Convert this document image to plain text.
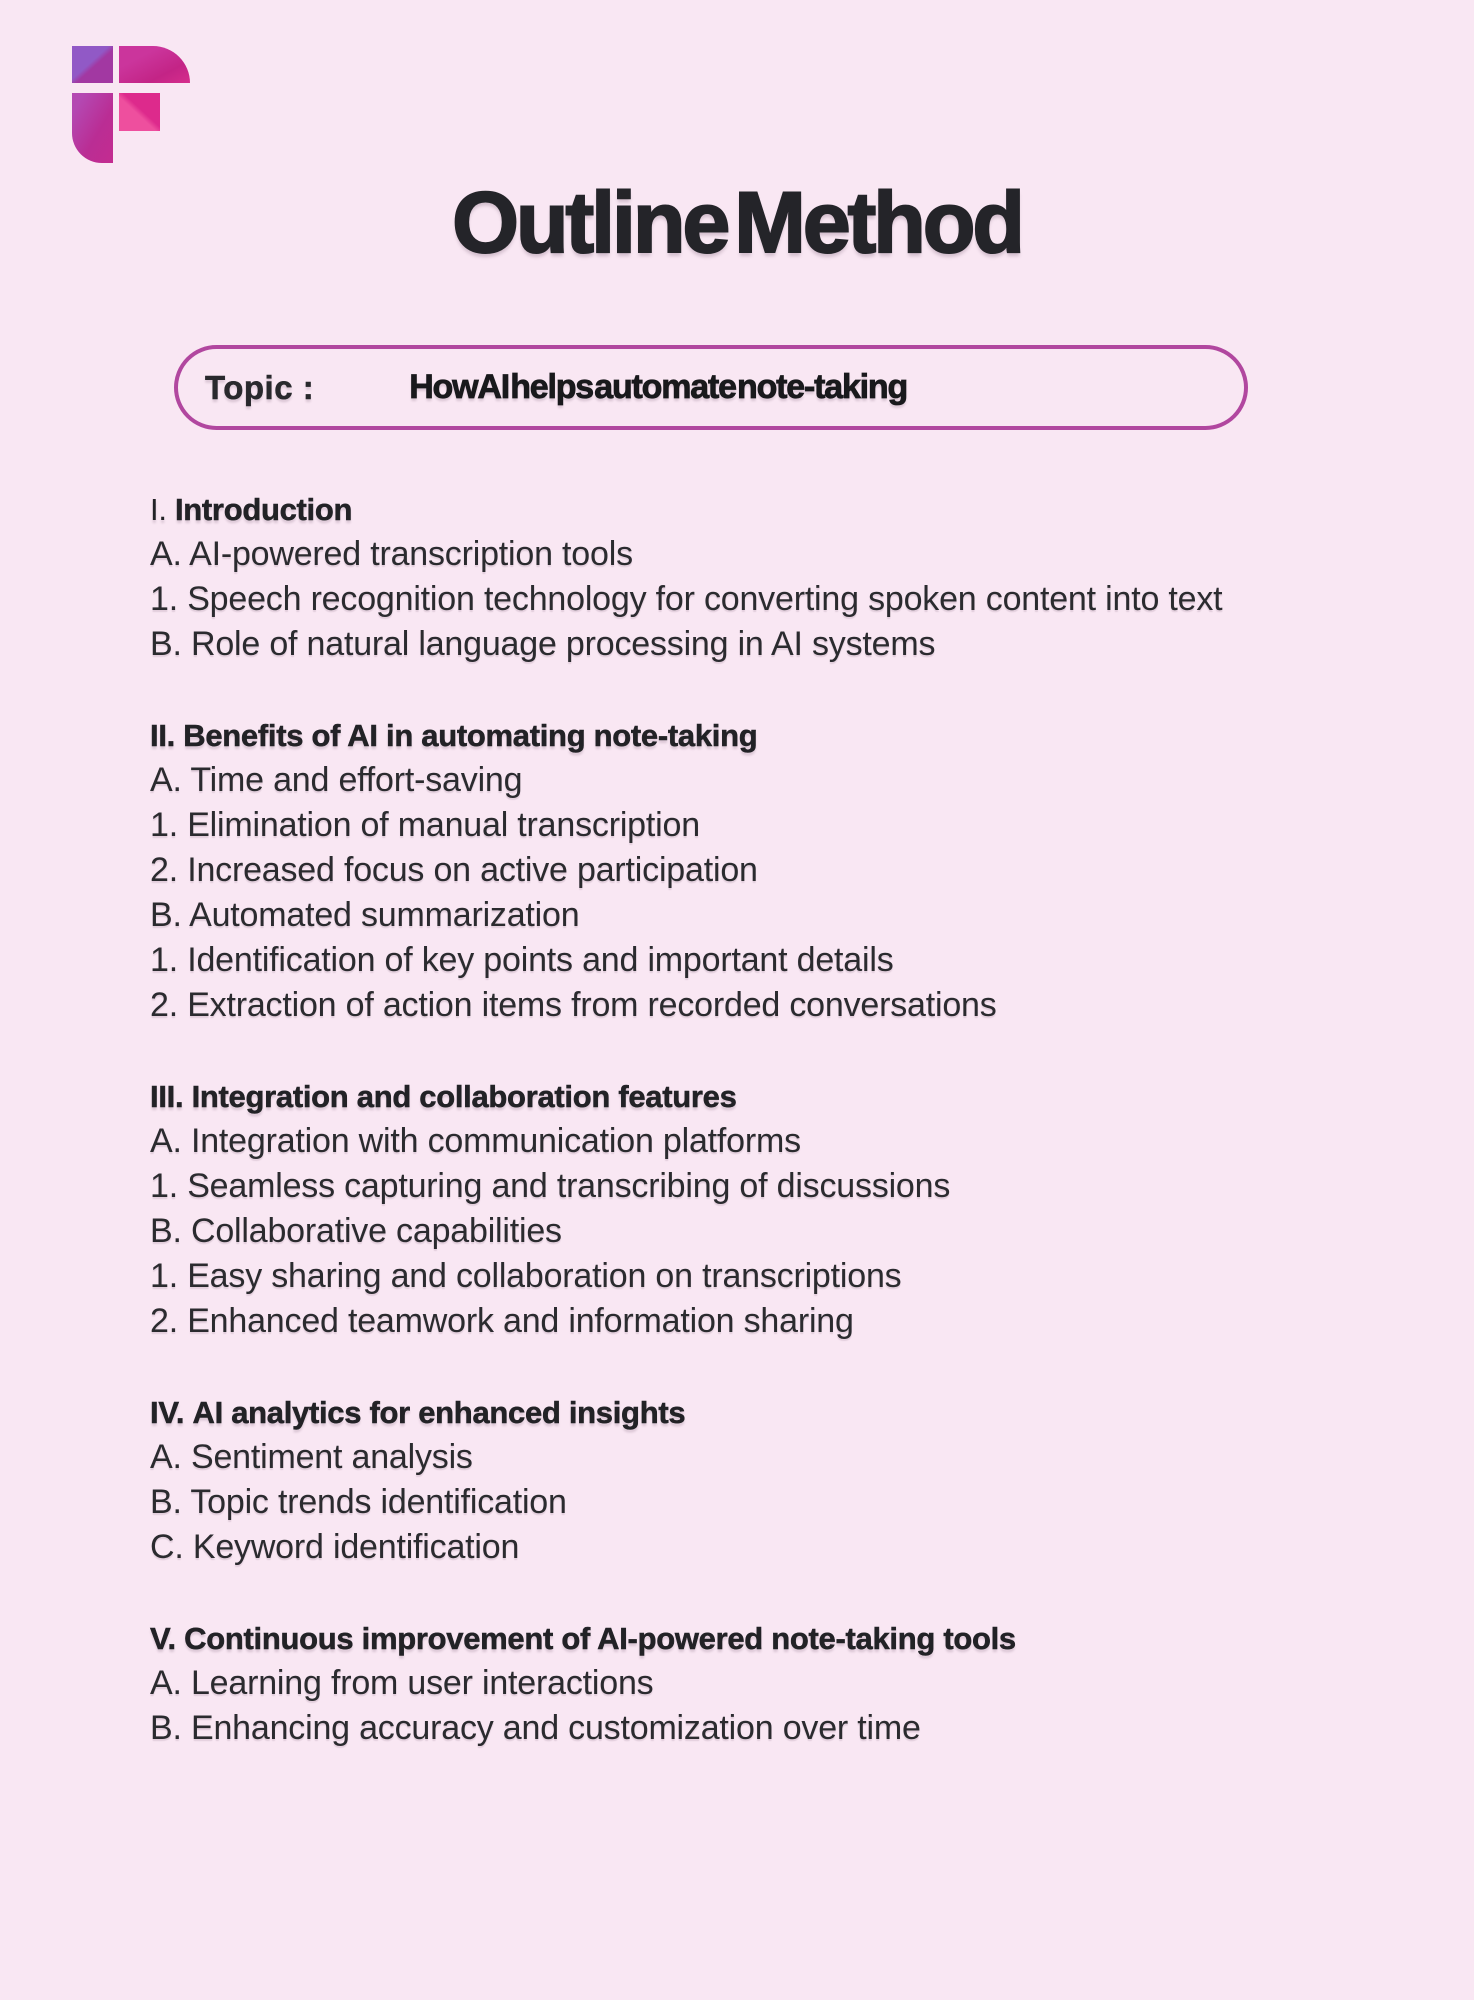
Outline Method
Topic :	How AI helps automate note-taking
I. Introduction
A. AI-powered transcription tools
1. Speech recognition technology for converting spoken content into text
B. Role of natural language processing in AI systems
II. Benefits of AI in automating note-taking
A. Time and effort-saving
1. Elimination of manual transcription
2. Increased focus on active participation
B. Automated summarization
1. Identification of key points and important details
2. Extraction of action items from recorded conversations
III. Integration and collaboration features
A. Integration with communication platforms
1. Seamless capturing and transcribing of discussions
B. Collaborative capabilities
1. Easy sharing and collaboration on transcriptions
2. Enhanced teamwork and information sharing
IV. AI analytics for enhanced insights
A. Sentiment analysis
B. Topic trends identification
C. Keyword identification
V. Continuous improvement of AI-powered note-taking tools
A. Learning from user interactions
B. Enhancing accuracy and customization over time
